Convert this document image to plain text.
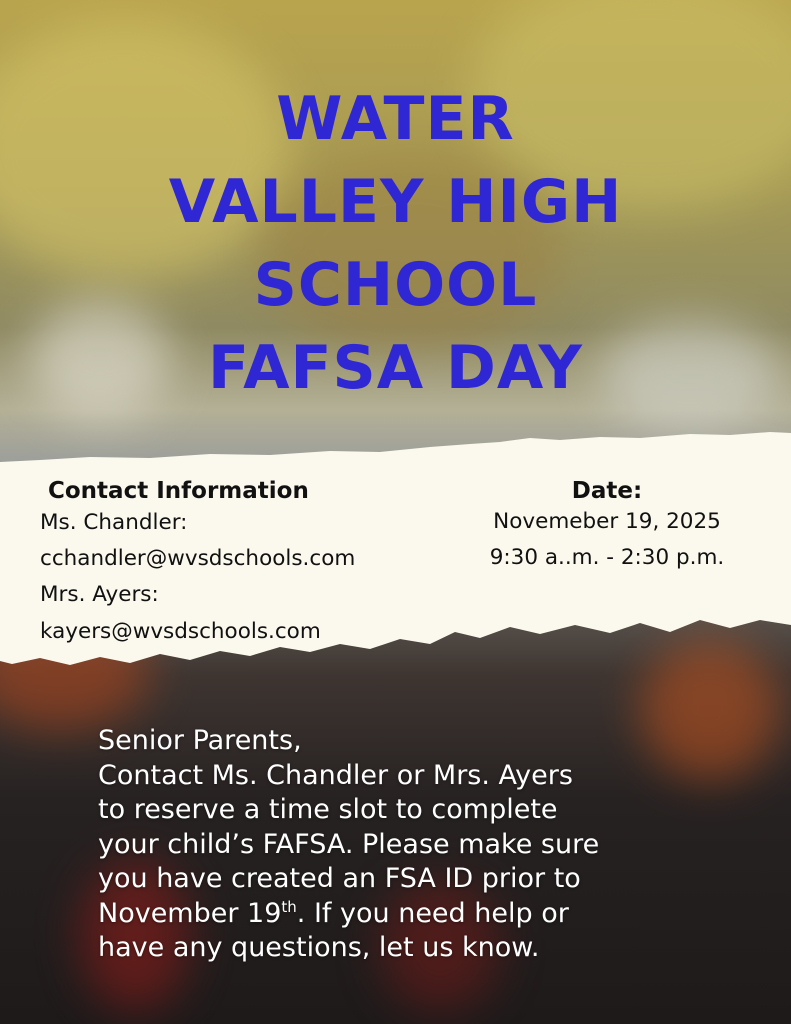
WATER
VALLEY HIGH
SCHOOL
FAFSA DAY
Contact Information
Ms. Chandler:
cchandler@wvsdschools.com
Mrs. Ayers:
kayers@wvsdschools.com
Date:
Novemeber 19, 2025
9:30 a..m. - 2:30 p.m.
Senior Parents,
Contact Ms. Chandler or Mrs. Ayers
to reserve a time slot to complete
your child’s FAFSA. Please make sure
you have created an FSA ID prior to
November 19th. If you need help or
have any questions, let us know.
